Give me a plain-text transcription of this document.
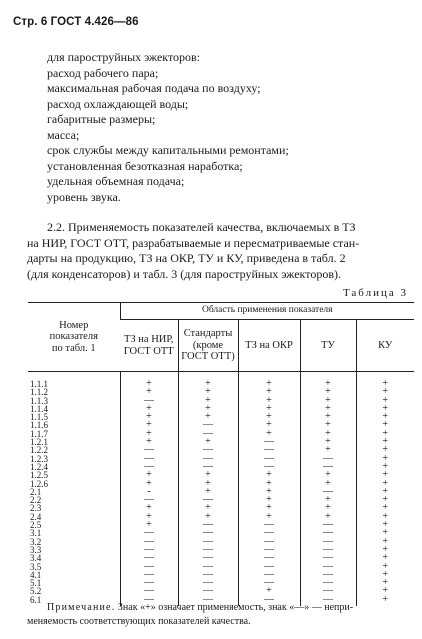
Стр. 6 ГОСТ 4.426—86
для пароструйных эжекторов:
расход рабочего пара;
максимальная рабочая подача по воздуху;
расход охлаждающей воды;
габаритные размеры;
масса;
срок службы между капитальными ремонтами;
установленная безотказная наработка;
удельная объемная подача;
уровень звука.
2.2. Применяемость показателей качества, включаемых в ТЗ
на НИР, ГОСТ ОТТ, разрабатываемые и пересматриваемые стан-
дарты на продукцию, ТЗ на ОКР, ТУ и КУ, приведена в табл. 2
(для конденсаторов) и табл. 3 (для пароструйных эжекторов).
Таблица 3
Номер
показателя
по табл. 1	Область применения показателя				
	ТЗ на НИР,
ГОСТ ОТТ	Стандарты
(кроме
ГОСТ ОТТ)	ТЗ на ОКР	ТУ	КУ
1.1.1	+	+	+	+	+
1.1.2	+	+	+	+	+
1.1.3	—	+	+	+	+
1.1.4	+	+	+	+	+
1.1.5	+	+	+	+	+
1.1.6	+	—	+	+	+
1.1.7	+	—	+	+	+
1.2.1	+	+	—	+	+
1.2.2	—	—	—	+	+
1.2.3	—	—	—	—	+
1.2.4	—	—	—	—	+
1.2.5	+	+	+	+	+
1.2.6	+	+	+	+	+
2.1	-	+	+	—	+
2.2	—	—	+	+	+
2.3	+	+	+	+	+
2.4	+	+	+	+	+
2.5	+	—	—	—	+
3.1	—	—	—	—	+
3.2	—	—	—	—	+
3.3	—	—	—	—	+
3.4	—	—	—	—	+
3.5	—	—	—	—	+
4.1	—	—	—	—	+
5.1	—	—	—	—	+
5.2	—	—	+	—	+
6.1	—	—	—	—	+
Примечание. Знак «+» означает применяемость, знак «—» — непри-
меняемость соответствующих показателей качества.
